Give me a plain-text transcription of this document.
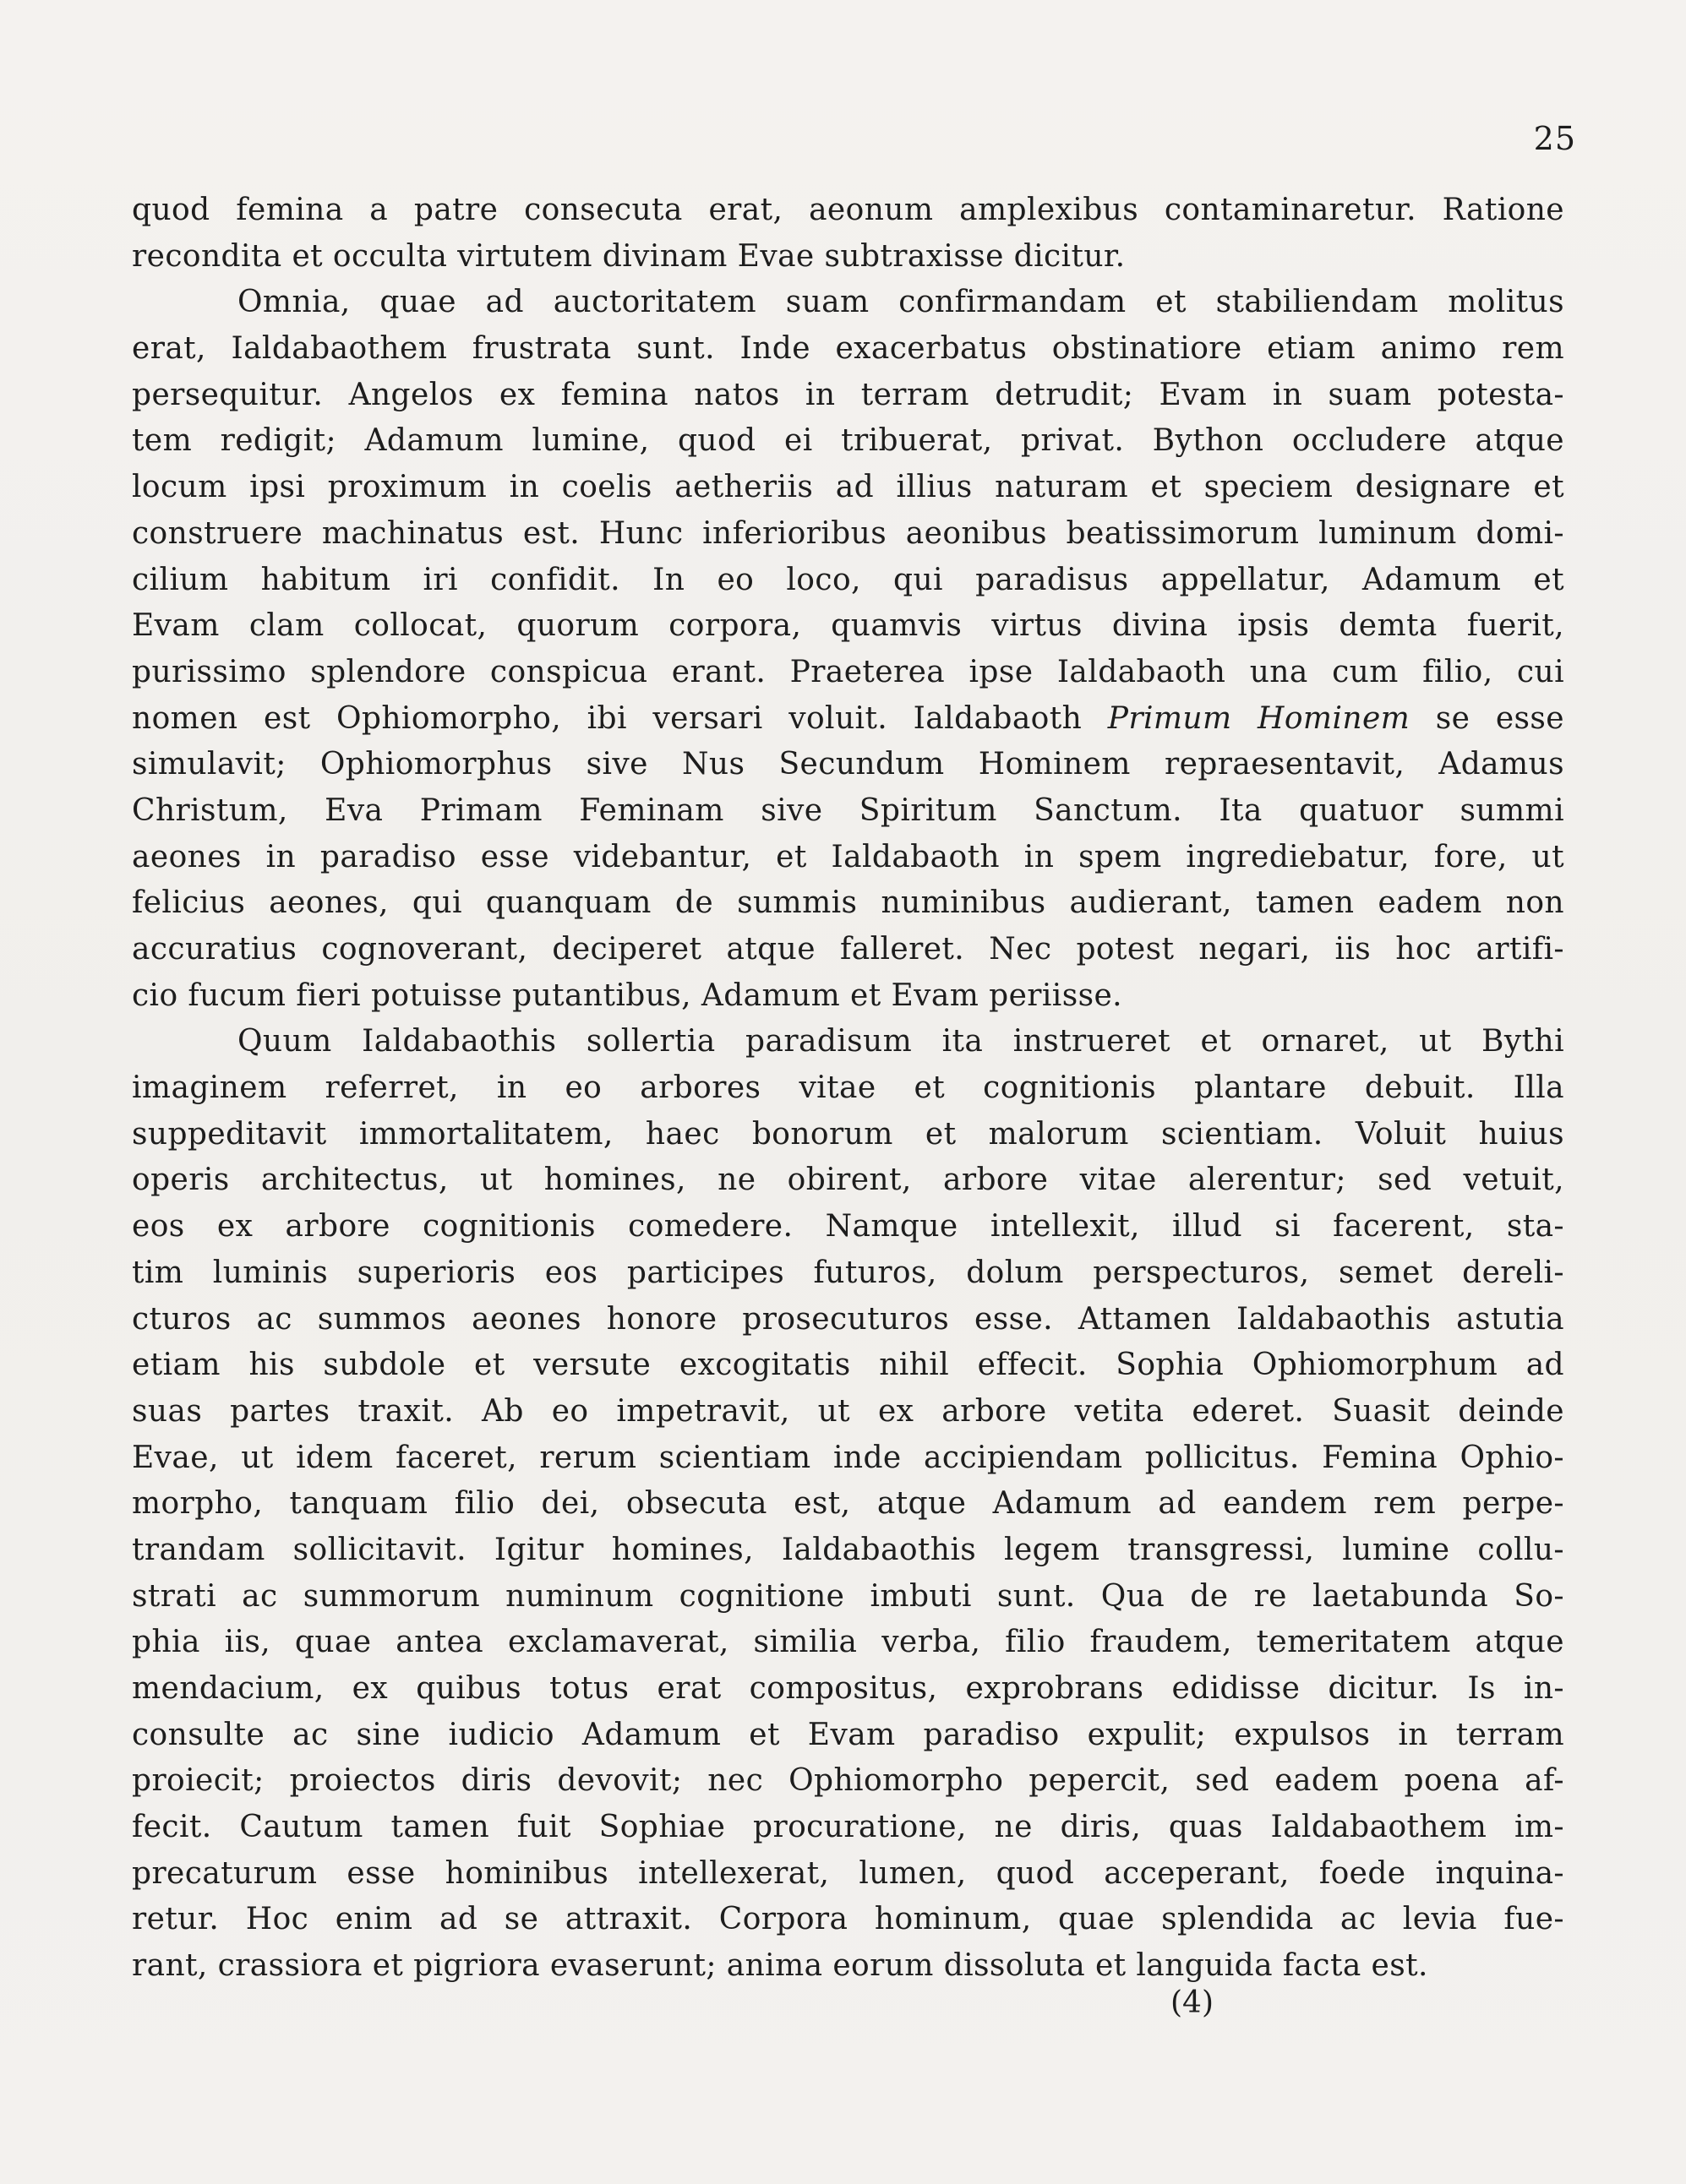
25
quod femina a patre consecuta erat, aeonum amplexibus contaminaretur. Ratione
recondita et occulta virtutem divinam Evae subtraxisse dicitur.
Omnia, quae ad auctoritatem suam confirmandam et stabiliendam molitus
erat, Ialdabaothem frustrata sunt. Inde exacerbatus obstinatiore etiam animo rem
persequitur. Angelos ex femina natos in terram detrudit; Evam in suam potesta-
tem redigit; Adamum lumine, quod ei tribuerat, privat. Bython occludere atque
locum ipsi proximum in coelis aetheriis ad illius naturam et speciem designare et
construere machinatus est. Hunc inferioribus aeonibus beatissimorum luminum domi-
cilium habitum iri confidit. In eo loco, qui paradisus appellatur, Adamum et
Evam clam collocat, quorum corpora, quamvis virtus divina ipsis demta fuerit,
purissimo splendore conspicua erant. Praeterea ipse Ialdabaoth una cum filio, cui
nomen est Ophiomorpho, ibi versari voluit. Ialdabaoth Primum Hominem se esse
simulavit; Ophiomorphus sive Nus Secundum Hominem repraesentavit, Adamus
Christum, Eva Primam Feminam sive Spiritum Sanctum. Ita quatuor summi
aeones in paradiso esse videbantur, et Ialdabaoth in spem ingrediebatur, fore, ut
felicius aeones, qui quanquam de summis numinibus audierant, tamen eadem non
accuratius cognoverant, deciperet atque falleret. Nec potest negari, iis hoc artifi-
cio fucum fieri potuisse putantibus, Adamum et Evam periisse.
Quum Ialdabaothis sollertia paradisum ita instrueret et ornaret, ut Bythi
imaginem referret, in eo arbores vitae et cognitionis plantare debuit. Illa
suppeditavit immortalitatem, haec bonorum et malorum scientiam. Voluit huius
operis architectus, ut homines, ne obirent, arbore vitae alerentur; sed vetuit,
eos ex arbore cognitionis comedere. Namque intellexit, illud si facerent, sta-
tim luminis superioris eos participes futuros, dolum perspecturos, semet dereli-
cturos ac summos aeones honore prosecuturos esse. Attamen Ialdabaothis astutia
etiam his subdole et versute excogitatis nihil effecit. Sophia Ophiomorphum ad
suas partes traxit. Ab eo impetravit, ut ex arbore vetita ederet. Suasit deinde
Evae, ut idem faceret, rerum scientiam inde accipiendam pollicitus. Femina Ophio-
morpho, tanquam filio dei, obsecuta est, atque Adamum ad eandem rem perpe-
trandam sollicitavit. Igitur homines, Ialdabaothis legem transgressi, lumine collu-
strati ac summorum numinum cognitione imbuti sunt. Qua de re laetabunda So-
phia iis, quae antea exclamaverat, similia verba, filio fraudem, temeritatem atque
mendacium, ex quibus totus erat compositus, exprobrans edidisse dicitur. Is in-
consulte ac sine iudicio Adamum et Evam paradiso expulit; expulsos in terram
proiecit; proiectos diris devovit; nec Ophiomorpho pepercit, sed eadem poena af-
fecit. Cautum tamen fuit Sophiae procuratione, ne diris, quas Ialdabaothem im-
precaturum esse hominibus intellexerat, lumen, quod acceperant, foede inquina-
retur. Hoc enim ad se attraxit. Corpora hominum, quae splendida ac levia fue-
rant, crassiora et pigriora evaserunt; anima eorum dissoluta et languida facta est.
(4)
